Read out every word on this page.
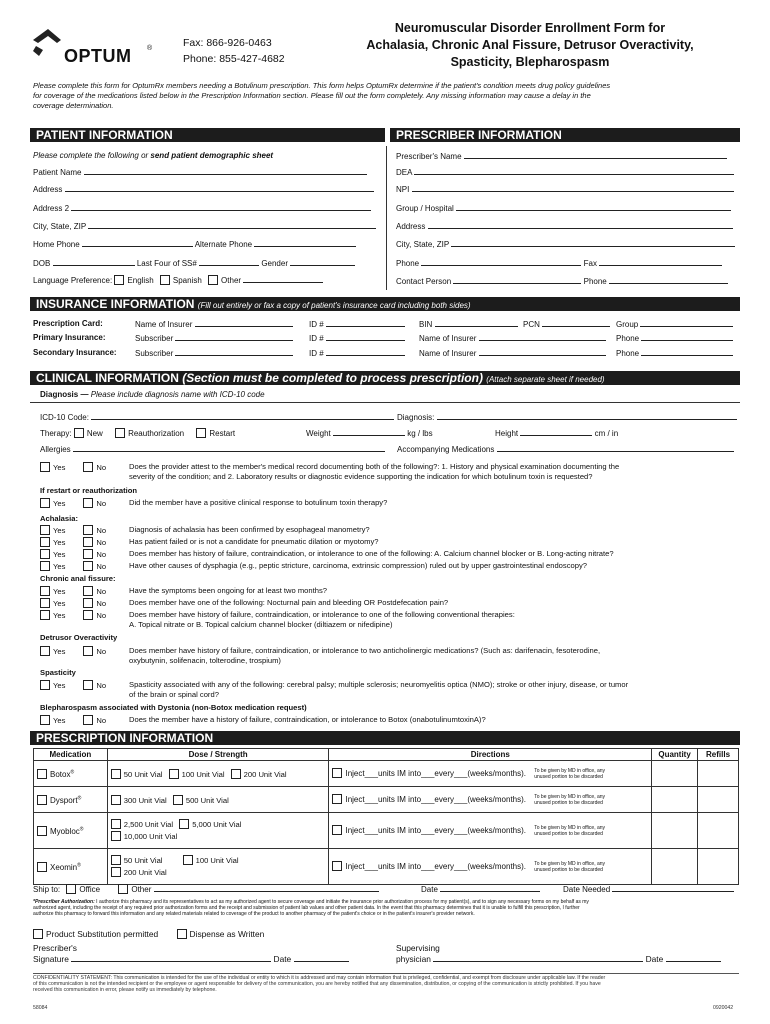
OPTUM ®	Fax: 866-926-0463
Phone: 855-427-4682
Neuromuscular Disorder Enrollment Form for
Achalasia, Chronic Anal Fissure, Detrusor Overactivity,
Spasticity, Blepharospasm
Please complete this form for OptumRx members needing a Botulinum prescription. This form helps OptumRx determine if the patient's condition meets drug policy guidelines
for coverage of the medications listed below in the Prescription Information section. Please fill out the form completely. Any missing information may cause a delay in the
coverage determination.
PATIENT INFORMATION	PRESCRIBER INFORMATION
Please complete the following or send patient demographic sheet
Patient Name
Address
Address 2
City, State, ZIP
Home Phone	Alternate Phone
DOB	Last Four of SS#	Gender
Language Preference: English Spanish Other
Prescriber's Name
DEA
NPI
Group / Hospital
Address
City, State, ZIP
Phone	Fax
Contact Person	Phone
INSURANCE INFORMATION (Fill out entirely or fax a copy of patient's insurance card including both sides)
Prescription Card:
Primary Insurance:
Secondary Insurance:
Name of Insurer	ID #	BIN	PCN	Group
Subscriber	ID #	Name of Insurer	Phone
Subscriber	ID #	Name of Insurer	Phone
CLINICAL INFORMATION (Section must be completed to process prescription) (Attach separate sheet if needed)
Diagnosis — Please include diagnosis name with ICD-10 code
ICD-10 Code:	Diagnosis:
Therapy: New	Reauthorization	Restart	Weight	kg / lbs	Height	cm / in
Allergies	Accompanying Medications
Yes	No	Does the provider attest to the member's medical record documenting both of the following?: 1. History and physical examination documenting the
severity of the condition; and 2. Laboratory results or diagnostic evidence supporting the indication for which botulinum toxin is requested?
If restart or reauthorization
Yes	No	Did the member have a positive clinical response to botulinum toxin therapy?
Achalasia:
Yes	No	Diagnosis of achalasia has been confirmed by esophageal manometry?
Yes	No	Has patient failed or is not a candidate for pneumatic dilation or myotomy?
Yes	No	Does member has history of failure, contraindication, or intolerance to one of the following: A. Calcium channel blocker or B. Long-acting nitrate?
Yes	No	Have other causes of dysphagia (e.g., peptic stricture, carcinoma, extrinsic compression) ruled out by upper gastrointestinal endoscopy?
Chronic anal fissure:
Yes	No	Have the symptoms been ongoing for at least two months?
Yes	No	Does member have one of the following: Nocturnal pain and bleeding OR Postdefecation pain?
Yes	No	Does member have history of failure, contraindication, or intolerance to one of the following conventional therapies:
A. Topical nitrate or B. Topical calcium channel blocker (diltiazem or nifedipine)
Detrusor Overactivity
Yes	No	Does member have history of failure, contraindication, or intolerance to two anticholinergic medications? (Such as: darifenacin, fesoterodine,
oxybutynin, solifenacin, tolterodine, trospium)
Spasticity
Yes	No	Spasticity associated with any of the following: cerebral palsy; multiple sclerosis; neuromyelitis optica (NMO); stroke or other injury, disease, or tumor
of the brain or spinal cord?
Blepharospasm associated with Dystonia (non-Botox medication request)
Yes	No	Does the member have a history of failure, contraindication, or intolerance to Botox (onabotulinumtoxinA)?
PRESCRIPTION INFORMATION
Medication	Dose / Strength	Directions	Quantity	Refills
Botox®	50 Unit Vial 100 Unit Vial 200 Unit Vial	Inject___units IM into___every___(weeks/months). To be given by MD in office, any
unused portion to be discarded		
Dysport®	300 Unit Vial 500 Unit Vial	Inject___units IM into___every___(weeks/months). To be given by MD in office, any
unused portion to be discarded		
Myobloc®	2,500 Unit Vial 5,000 Unit Vial
10,000 Unit Vial	Inject___units IM into___every___(weeks/months). To be given by MD in office, any
unused portion to be discarded		
Xeomin®	50 Unit Vial 100 Unit Vial
200 Unit Vial	Inject___units IM into___every___(weeks/months). To be given by MD in office, any
unused portion to be discarded		
Ship to: Office	Other	Date	Date Needed
*Prescriber Authorization: I authorize this pharmacy and its representatives to act as my authorized agent to secure coverage and initiate the insurance prior authorization process for my patient(s), and to sign any necessary forms on my behalf as my
authorized agent, including the receipt of any required prior authorization forms and the receipt and submission of patient lab values and other patient data. In the event that this pharmacy determines that it is unable to fulfill this prescription, I further
authorize this pharmacy to forward this information and any related materials related to coverage of the product to another pharmacy of the patient's choice or in the patient's insurer's provider network.
Product Substitution permitted	Dispense as Written
Prescriber's
Signature	Date
Supervising
physician	Date
CONFIDENTIALITY STATEMENT: This communication is intended for the use of the individual or entity to which it is addressed and may contain information that is privileged, confidential, and exempt from disclosure under applicable law. If the reader
of this communication is not the intended recipient or the employee or agent responsible for delivery of the communication, you are hereby notified that any dissemination, distribution, or copying of the communication is strictly prohibited. If you have
received this communication in error, please notify us immediately by telephone.
58084	0920042
